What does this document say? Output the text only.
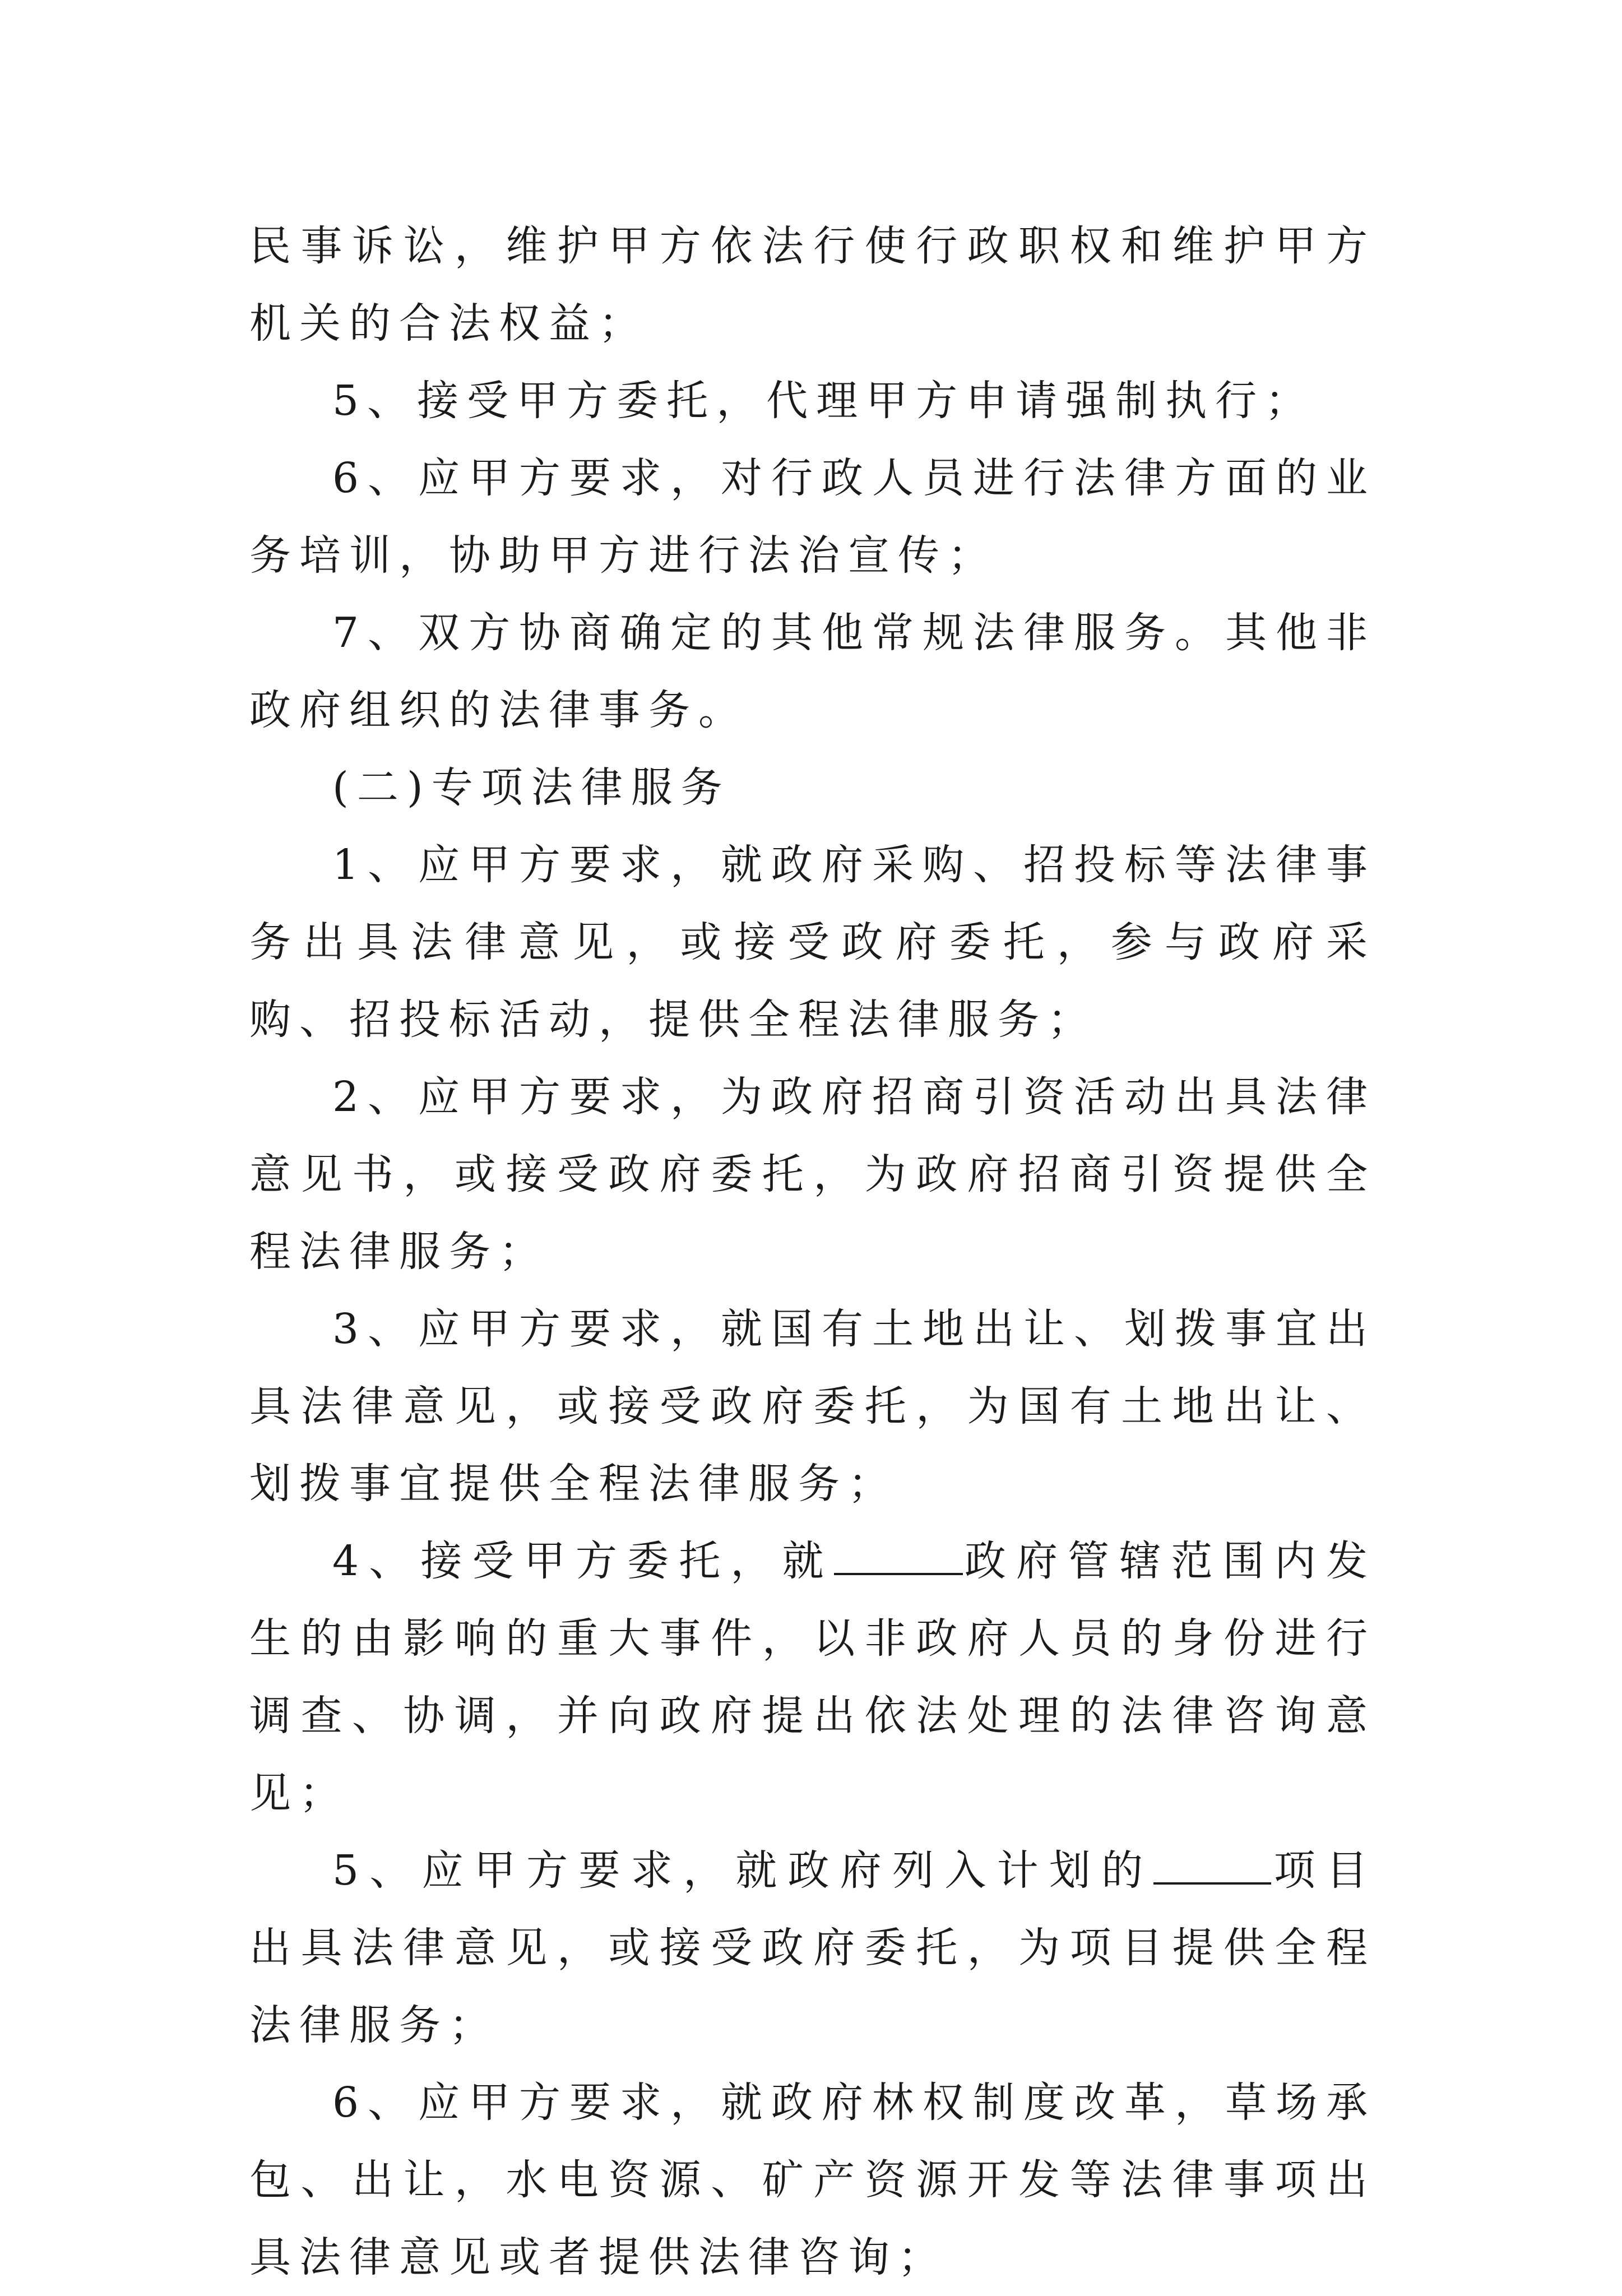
民事诉讼，维护甲方依法行使行政职权和维护甲方机关的合法权益；

5、接受甲方委托，代理甲方申请强制执行；

6、应甲方要求，对行政人员进行法律方面的业务培训，协助甲方进行法治宣传；

7、双方协商确定的其他常规法律服务。其他非政府组织的法律事务。

(二)专项法律服务

1、应甲方要求，就政府采购、招投标等法律事务出具法律意见，或接受政府委托，参与政府采购、招投标活动，提供全程法律服务；

2、应甲方要求，为政府招商引资活动出具法律意见书，或接受政府委托，为政府招商引资提供全程法律服务；

3、应甲方要求，就国有土地出让、划拨事宜出具法律意见，或接受政府委托，为国有土地出让、划拨事宜提供全程法律服务；

4、接受甲方委托，就	政府管辖范围内发生的由影响的重大事件，以非政府人员的身份进行调查、协调，并向政府提出依法处理的法律咨询意见；

5、应甲方要求，就政府列入计划的	项目出具法律意见，或接受政府委托，为项目提供全程法律服务；

6、应甲方要求，就政府林权制度改革，草场承包、出让，水电资源、矿产资源开发等法律事项出具法律意见或者提供法律咨询；
